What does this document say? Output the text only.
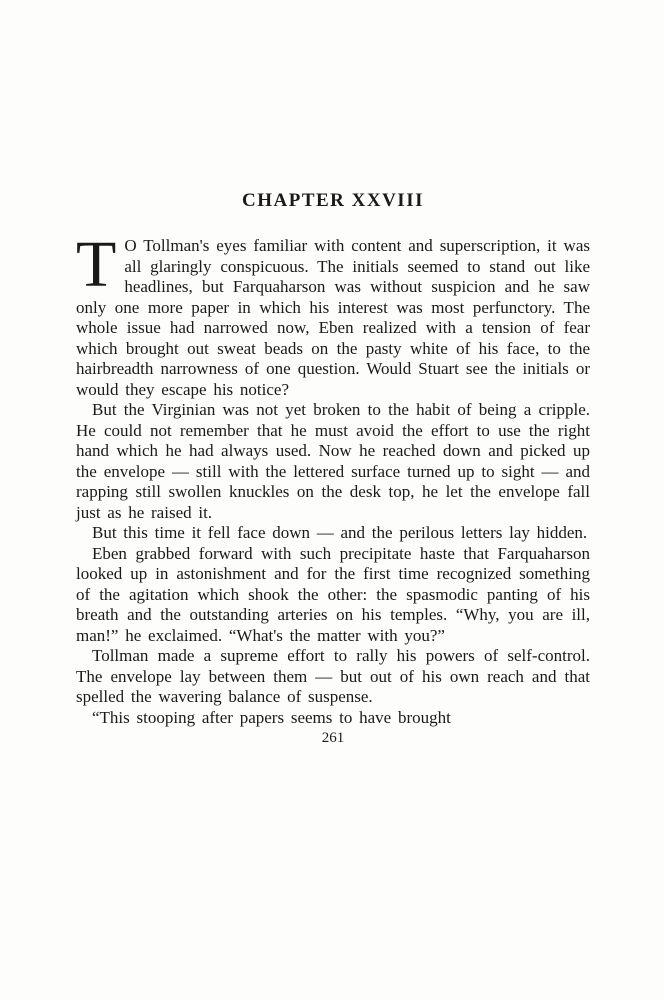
CHAPTER XXVIII

T O Tollman's eyes familiar with content and superscription, it was all glaringly conspicuous. The initials seemed to stand out like headlines, but Farquaharson was without suspicion and he saw only one more paper in which his interest was most perfunctory. The whole issue had narrowed now, Eben realized with a tension of fear which brought out sweat beads on the pasty white of his face, to the hairbreadth narrowness of one question. Would Stuart see the initials or would they escape his notice?

But the Virginian was not yet broken to the habit of being a cripple. He could not remember that he must avoid the effort to use the right hand which he had always used. Now he reached down and picked up the envelope — still with the lettered surface turned up to sight — and rapping still swollen knuckles on the desk top, he let the envelope fall just as he raised it.

But this time it fell face down — and the perilous letters lay hidden.

Eben grabbed forward with such precipitate haste that Farquaharson looked up in astonishment and for the first time recognized something of the agitation which shook the other: the spasmodic panting of his breath and the outstanding arteries on his temples. “Why, you are ill, man!” he exclaimed. “What's the matter with you?”

Tollman made a supreme effort to rally his powers of self-control. The envelope lay between them — but out of his own reach and that spelled the wavering balance of suspense.

“This stooping after papers seems to have brought

261
